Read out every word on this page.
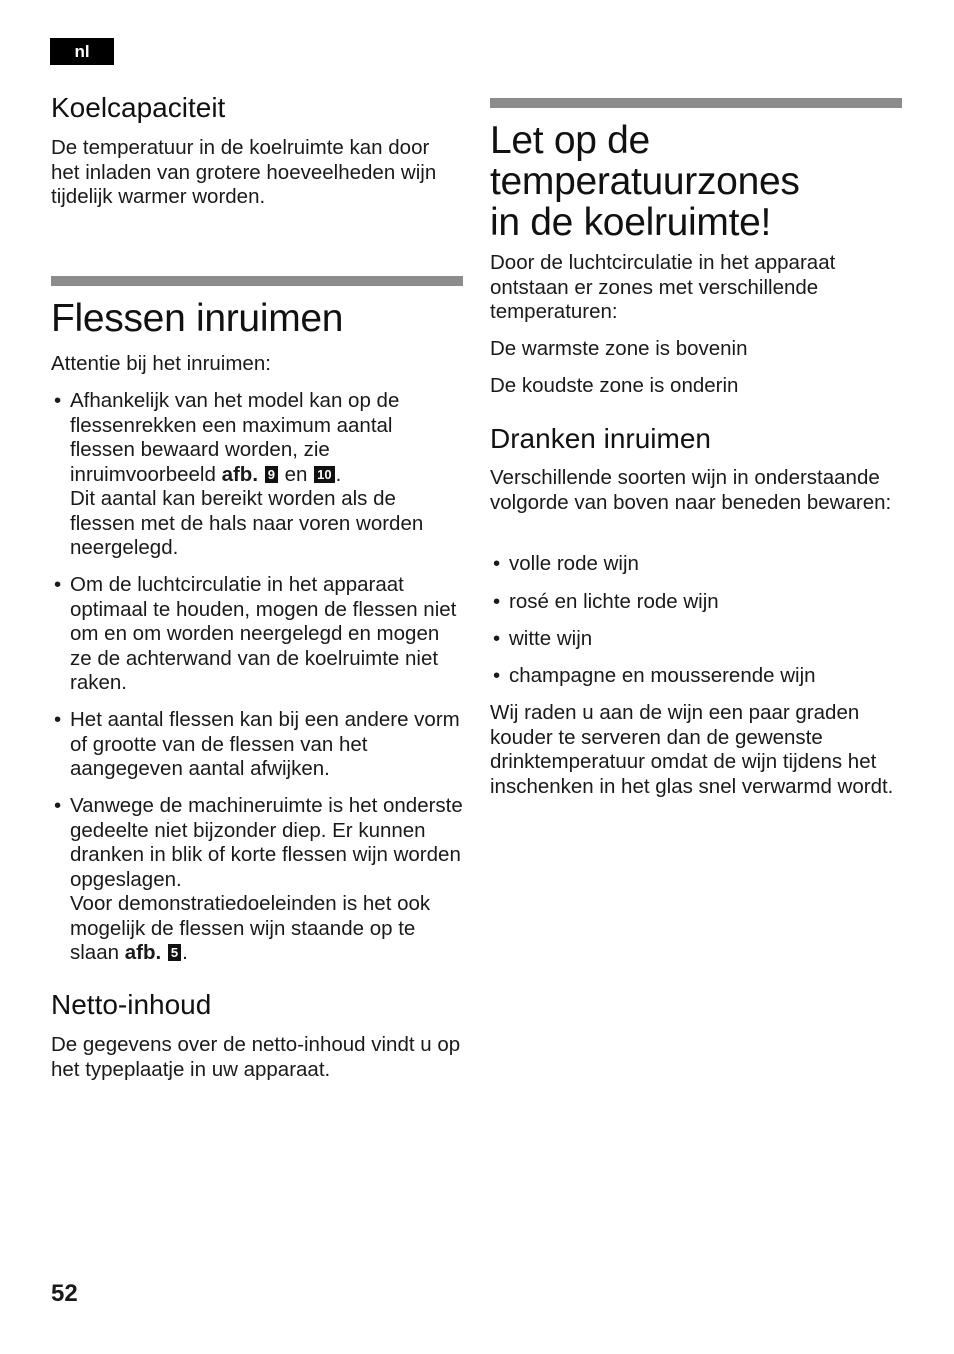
nl
Koelcapaciteit

De temperatuur in de koelruimte kan door het inladen van grotere hoeveelheden wijn tijdelijk warmer worden.

Flessen inruimen

Attentie bij het inruimen:

• Afhankelijk van het model kan op de flessenrekken een maximum aantal flessen bewaard worden, zie inruimvoorbeeld afb. 9 en 10 .
Dit aantal kan bereikt worden als de flessen met de hals naar voren worden neergelegd.
• Om de luchtcirculatie in het apparaat optimaal te houden, mogen de flessen niet om en om worden neergelegd en mogen ze de achterwand van de koelruimte niet raken.
• Het aantal flessen kan bij een andere vorm of grootte van de flessen van het aangegeven aantal afwijken.
• Vanwege de machineruimte is het onderste gedeelte niet bijzonder diep. Er kunnen dranken in blik of korte flessen wijn worden opgeslagen.
Voor demonstratiedoeleinden is het ook mogelijk de flessen wijn staande op te slaan afb. 5 .
Netto-inhoud

De gegevens over de netto-inhoud vindt u op het typeplaatje in uw apparaat.

Let op de
temperatuurzones
in de koelruimte!

Door de luchtcirculatie in het apparaat ontstaan er zones met verschillende temperaturen:

De warmste zone is bovenin

De koudste zone is onderin

Dranken inruimen

Verschillende soorten wijn in onderstaande volgorde van boven naar beneden bewaren:

• volle rode wijn
• rosé en lichte rode wijn
• witte wijn
• champagne en mousserende wijn

Wij raden u aan de wijn een paar graden kouder te serveren dan de gewenste drinktemperatuur omdat de wijn tijdens het inschenken in het glas snel verwarmd wordt.

52
